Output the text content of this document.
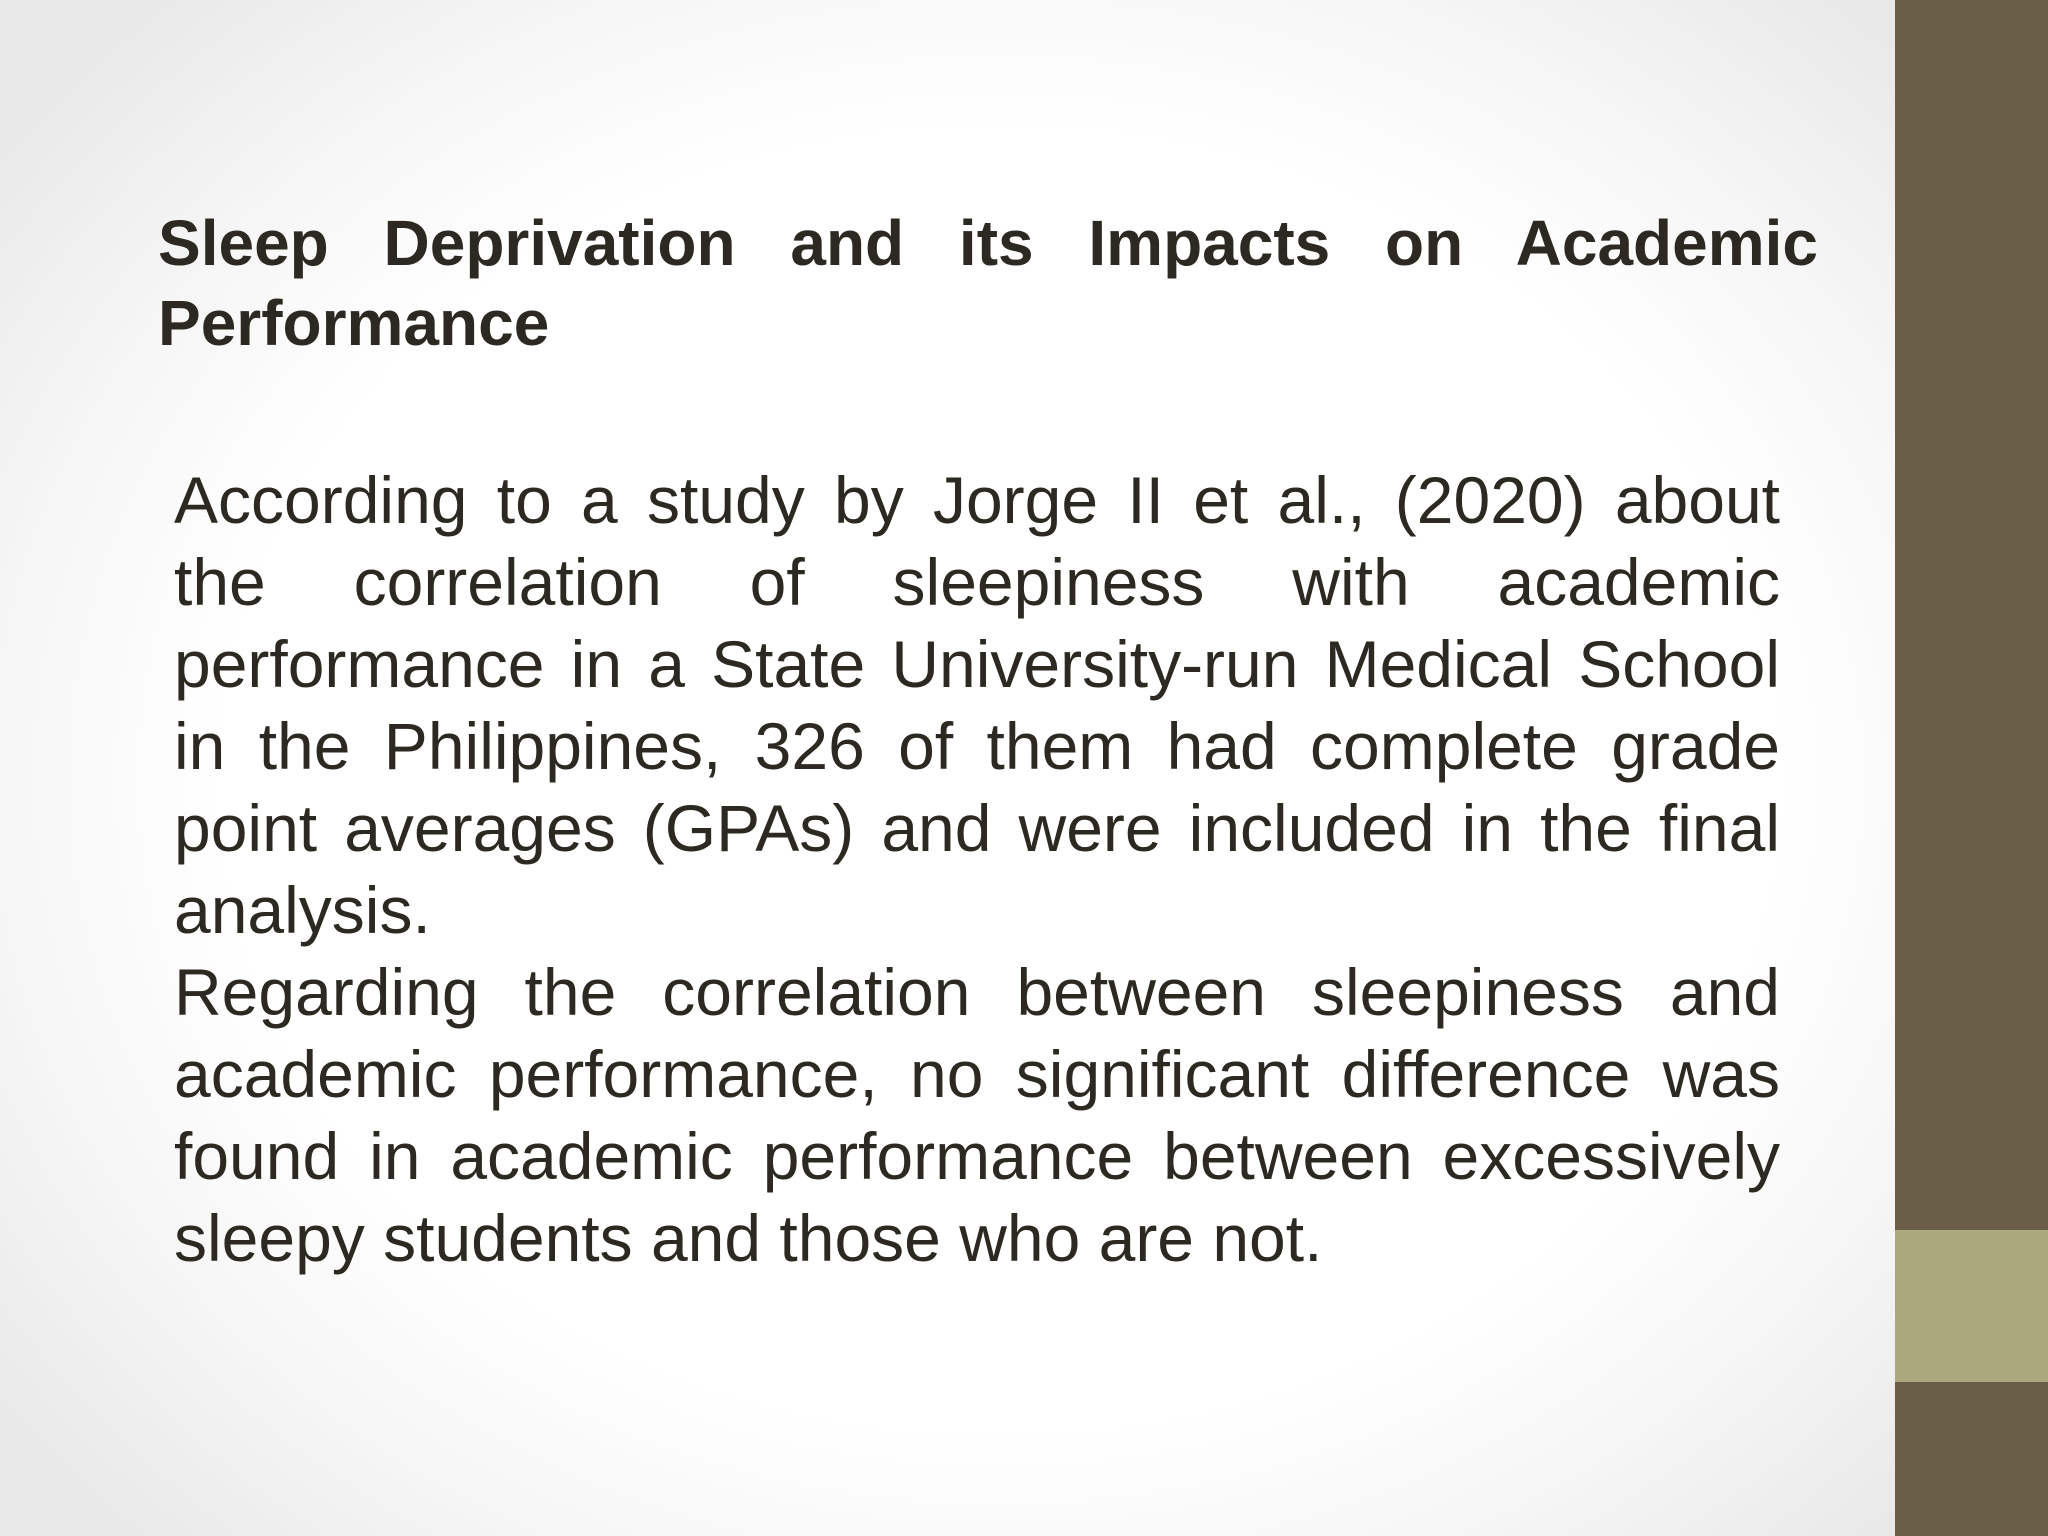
Sleep Deprivation and its Impacts on Academic Performance

According to a study by Jorge II et al., (2020) about the correlation of sleepiness with academic performance in a State University-run Medical School in the Philippines, 326 of them had complete grade point averages (GPAs) and were included in the final analysis.

Regarding the correlation between sleepiness and academic performance, no significant difference was found in academic performance between excessively sleepy students and those who are not.
